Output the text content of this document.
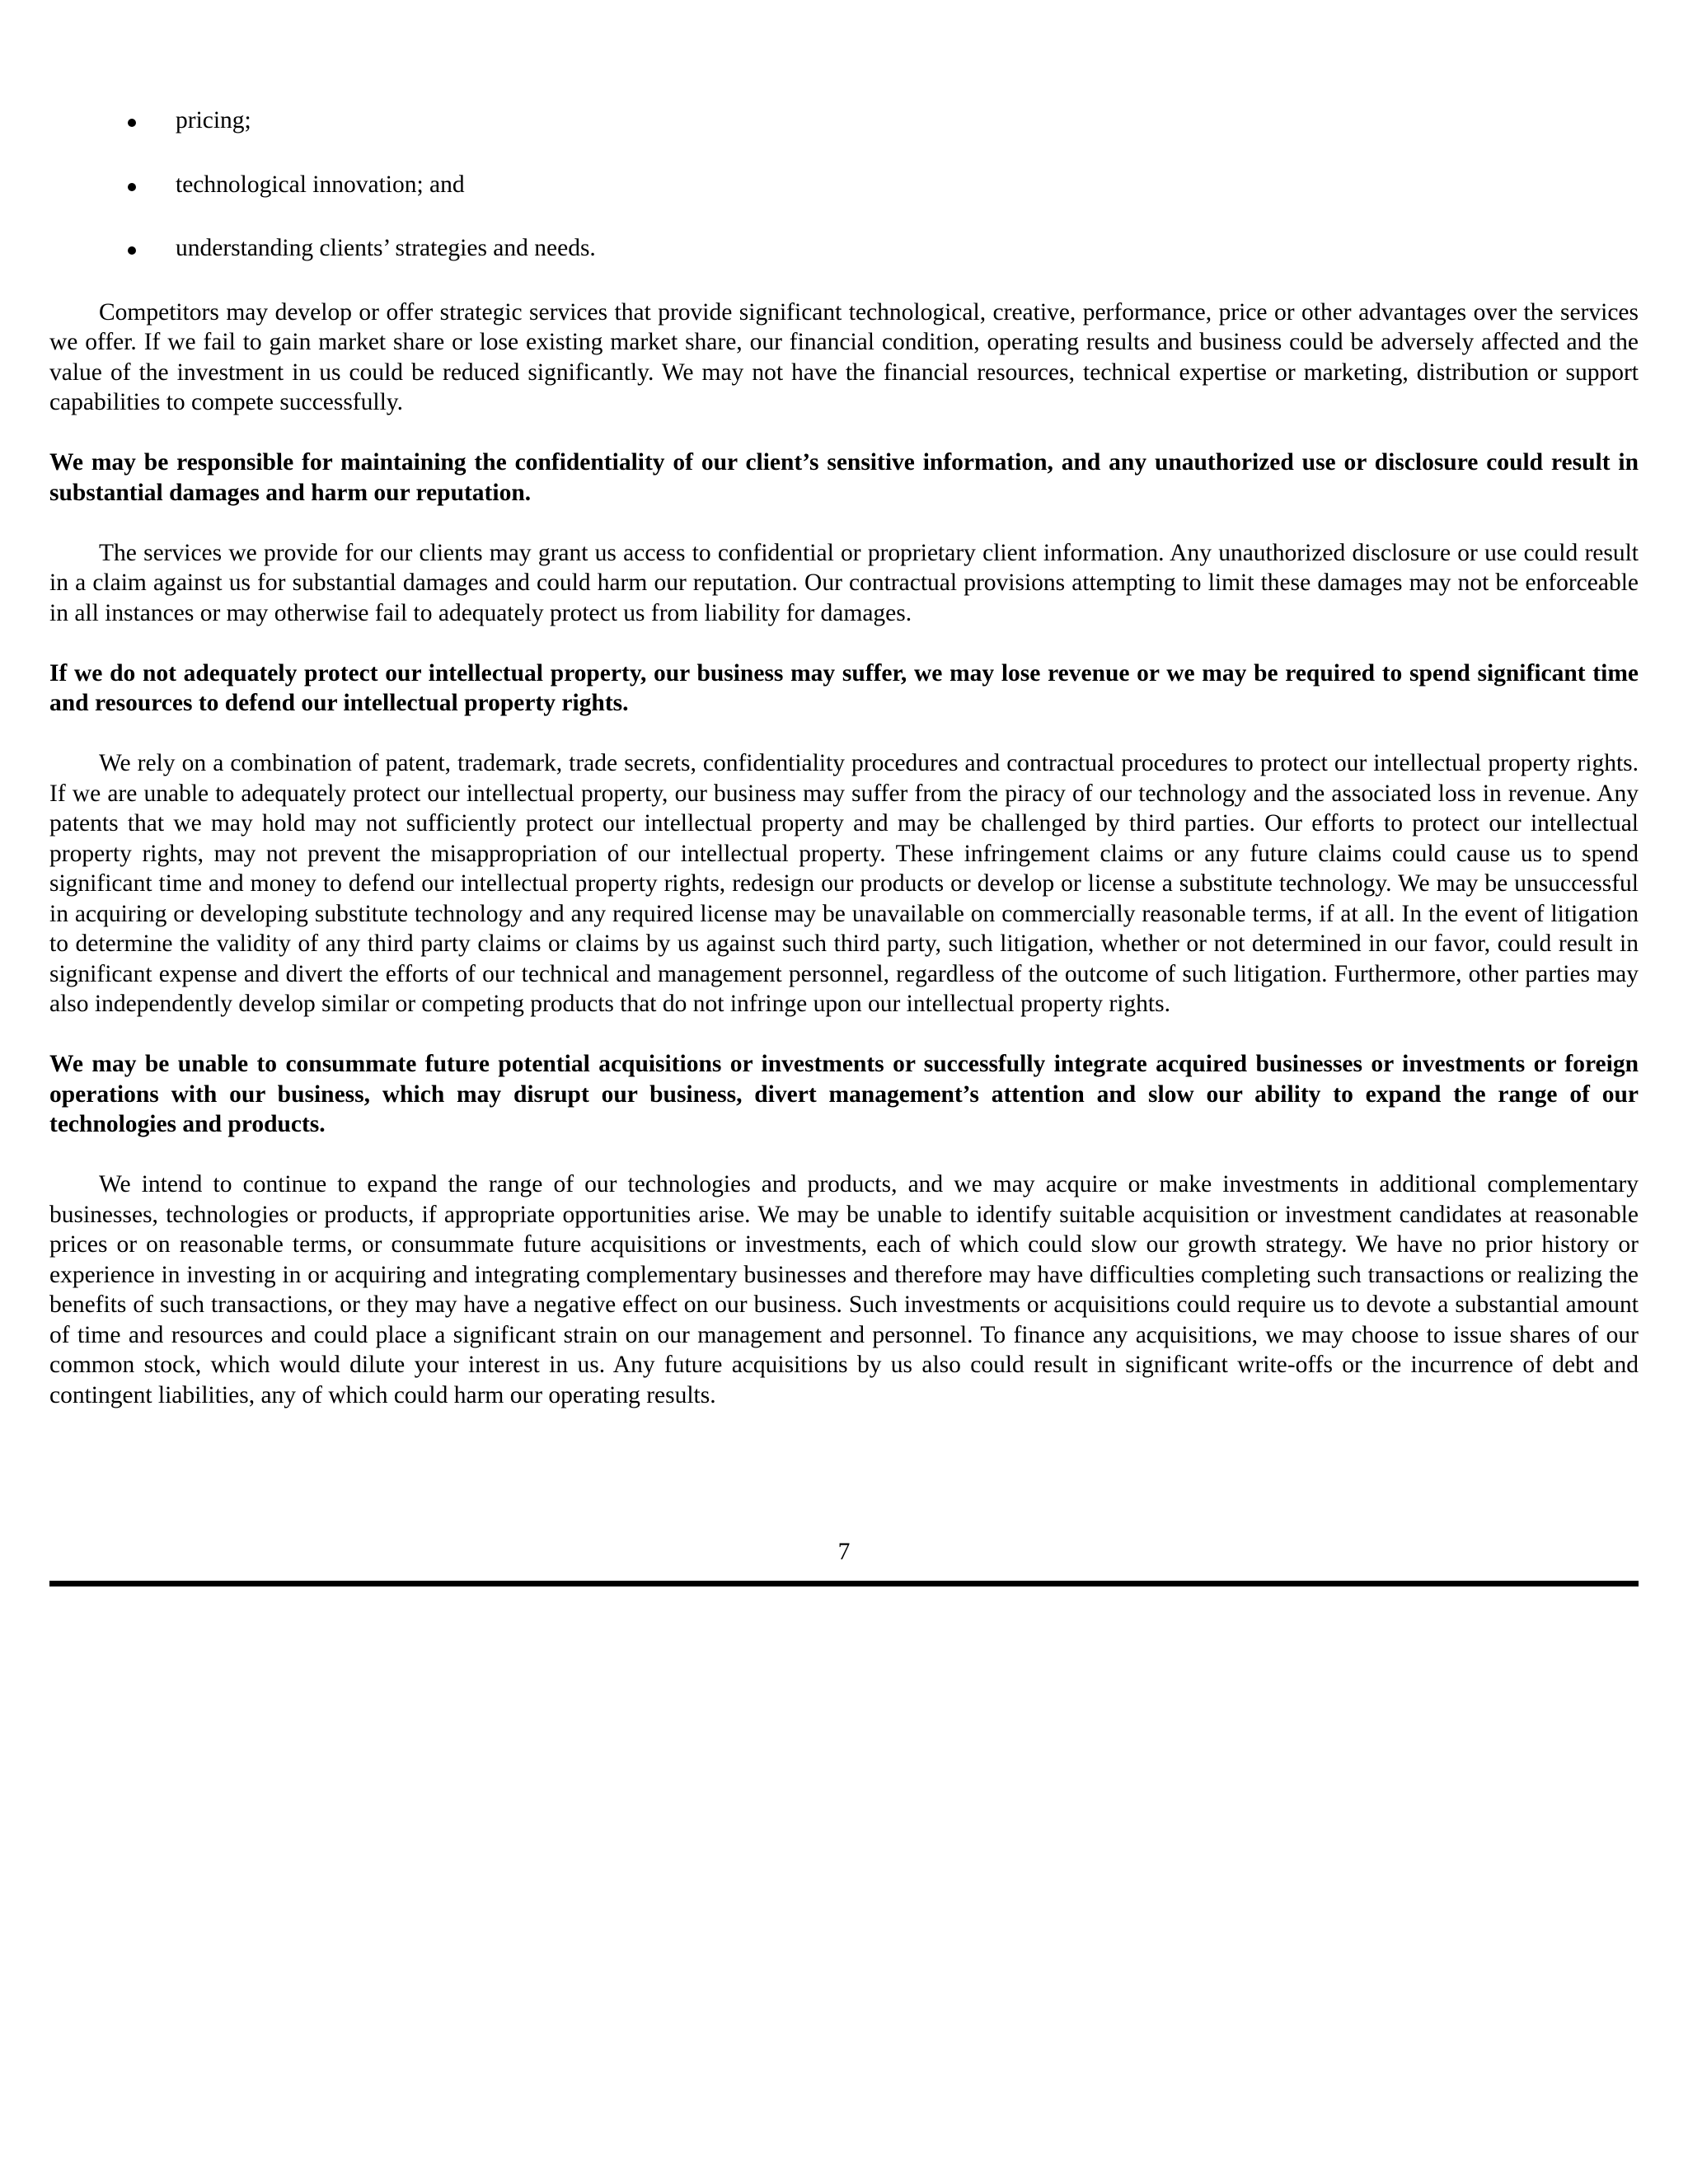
pricing;
technological innovation; and
understanding clients’ strategies and needs.

Competitors may develop or offer strategic services that provide significant technological, creative, performance, price or other advantages over the services we offer. If we fail to gain market share or lose existing market share, our financial condition, operating results and business could be adversely affected and the value of the investment in us could be reduced significantly. We may not have the financial resources, technical expertise or marketing, distribution or support capabilities to compete successfully.

We may be responsible for maintaining the confidentiality of our client’s sensitive information, and any unauthorized use or disclosure could result in substantial damages and harm our reputation.

The services we provide for our clients may grant us access to confidential or proprietary client information. Any unauthorized disclosure or use could result in a claim against us for substantial damages and could harm our reputation. Our contractual provisions attempting to limit these damages may not be enforceable in all instances or may otherwise fail to adequately protect us from liability for damages.

If we do not adequately protect our intellectual property, our business may suffer, we may lose revenue or we may be required to spend significant time and resources to defend our intellectual property rights.

We rely on a combination of patent, trademark, trade secrets, confidentiality procedures and contractual procedures to protect our intellectual property rights. If we are unable to adequately protect our intellectual property, our business may suffer from the piracy of our technology and the associated loss in revenue. Any patents that we may hold may not sufficiently protect our intellectual property and may be challenged by third parties. Our efforts to protect our intellectual property rights, may not prevent the misappropriation of our intellectual property. These infringement claims or any future claims could cause us to spend significant time and money to defend our intellectual property rights, redesign our products or develop or license a substitute technology. We may be unsuccessful in acquiring or developing substitute technology and any required license may be unavailable on commercially reasonable terms, if at all. In the event of litigation to determine the validity of any third party claims or claims by us against such third party, such litigation, whether or not determined in our favor, could result in significant expense and divert the efforts of our technical and management personnel, regardless of the outcome of such litigation. Furthermore, other parties may also independently develop similar or competing products that do not infringe upon our intellectual property rights.

We may be unable to consummate future potential acquisitions or investments or successfully integrate acquired businesses or investments or foreign operations with our business, which may disrupt our business, divert management’s attention and slow our ability to expand the range of our technologies and products.

We intend to continue to expand the range of our technologies and products, and we may acquire or make investments in additional complementary businesses, technologies or products, if appropriate opportunities arise. We may be unable to identify suitable acquisition or investment candidates at reasonable prices or on reasonable terms, or consummate future acquisitions or investments, each of which could slow our growth strategy. We have no prior history or experience in investing in or acquiring and integrating complementary businesses and therefore may have difficulties completing such transactions or realizing the benefits of such transactions, or they may have a negative effect on our business. Such investments or acquisitions could require us to devote a substantial amount of time and resources and could place a significant strain on our management and personnel. To finance any acquisitions, we may choose to issue shares of our common stock, which would dilute your interest in us. Any future acquisitions by us also could result in significant write-offs or the incurrence of debt and contingent liabilities, any of which could harm our operating results.

7
